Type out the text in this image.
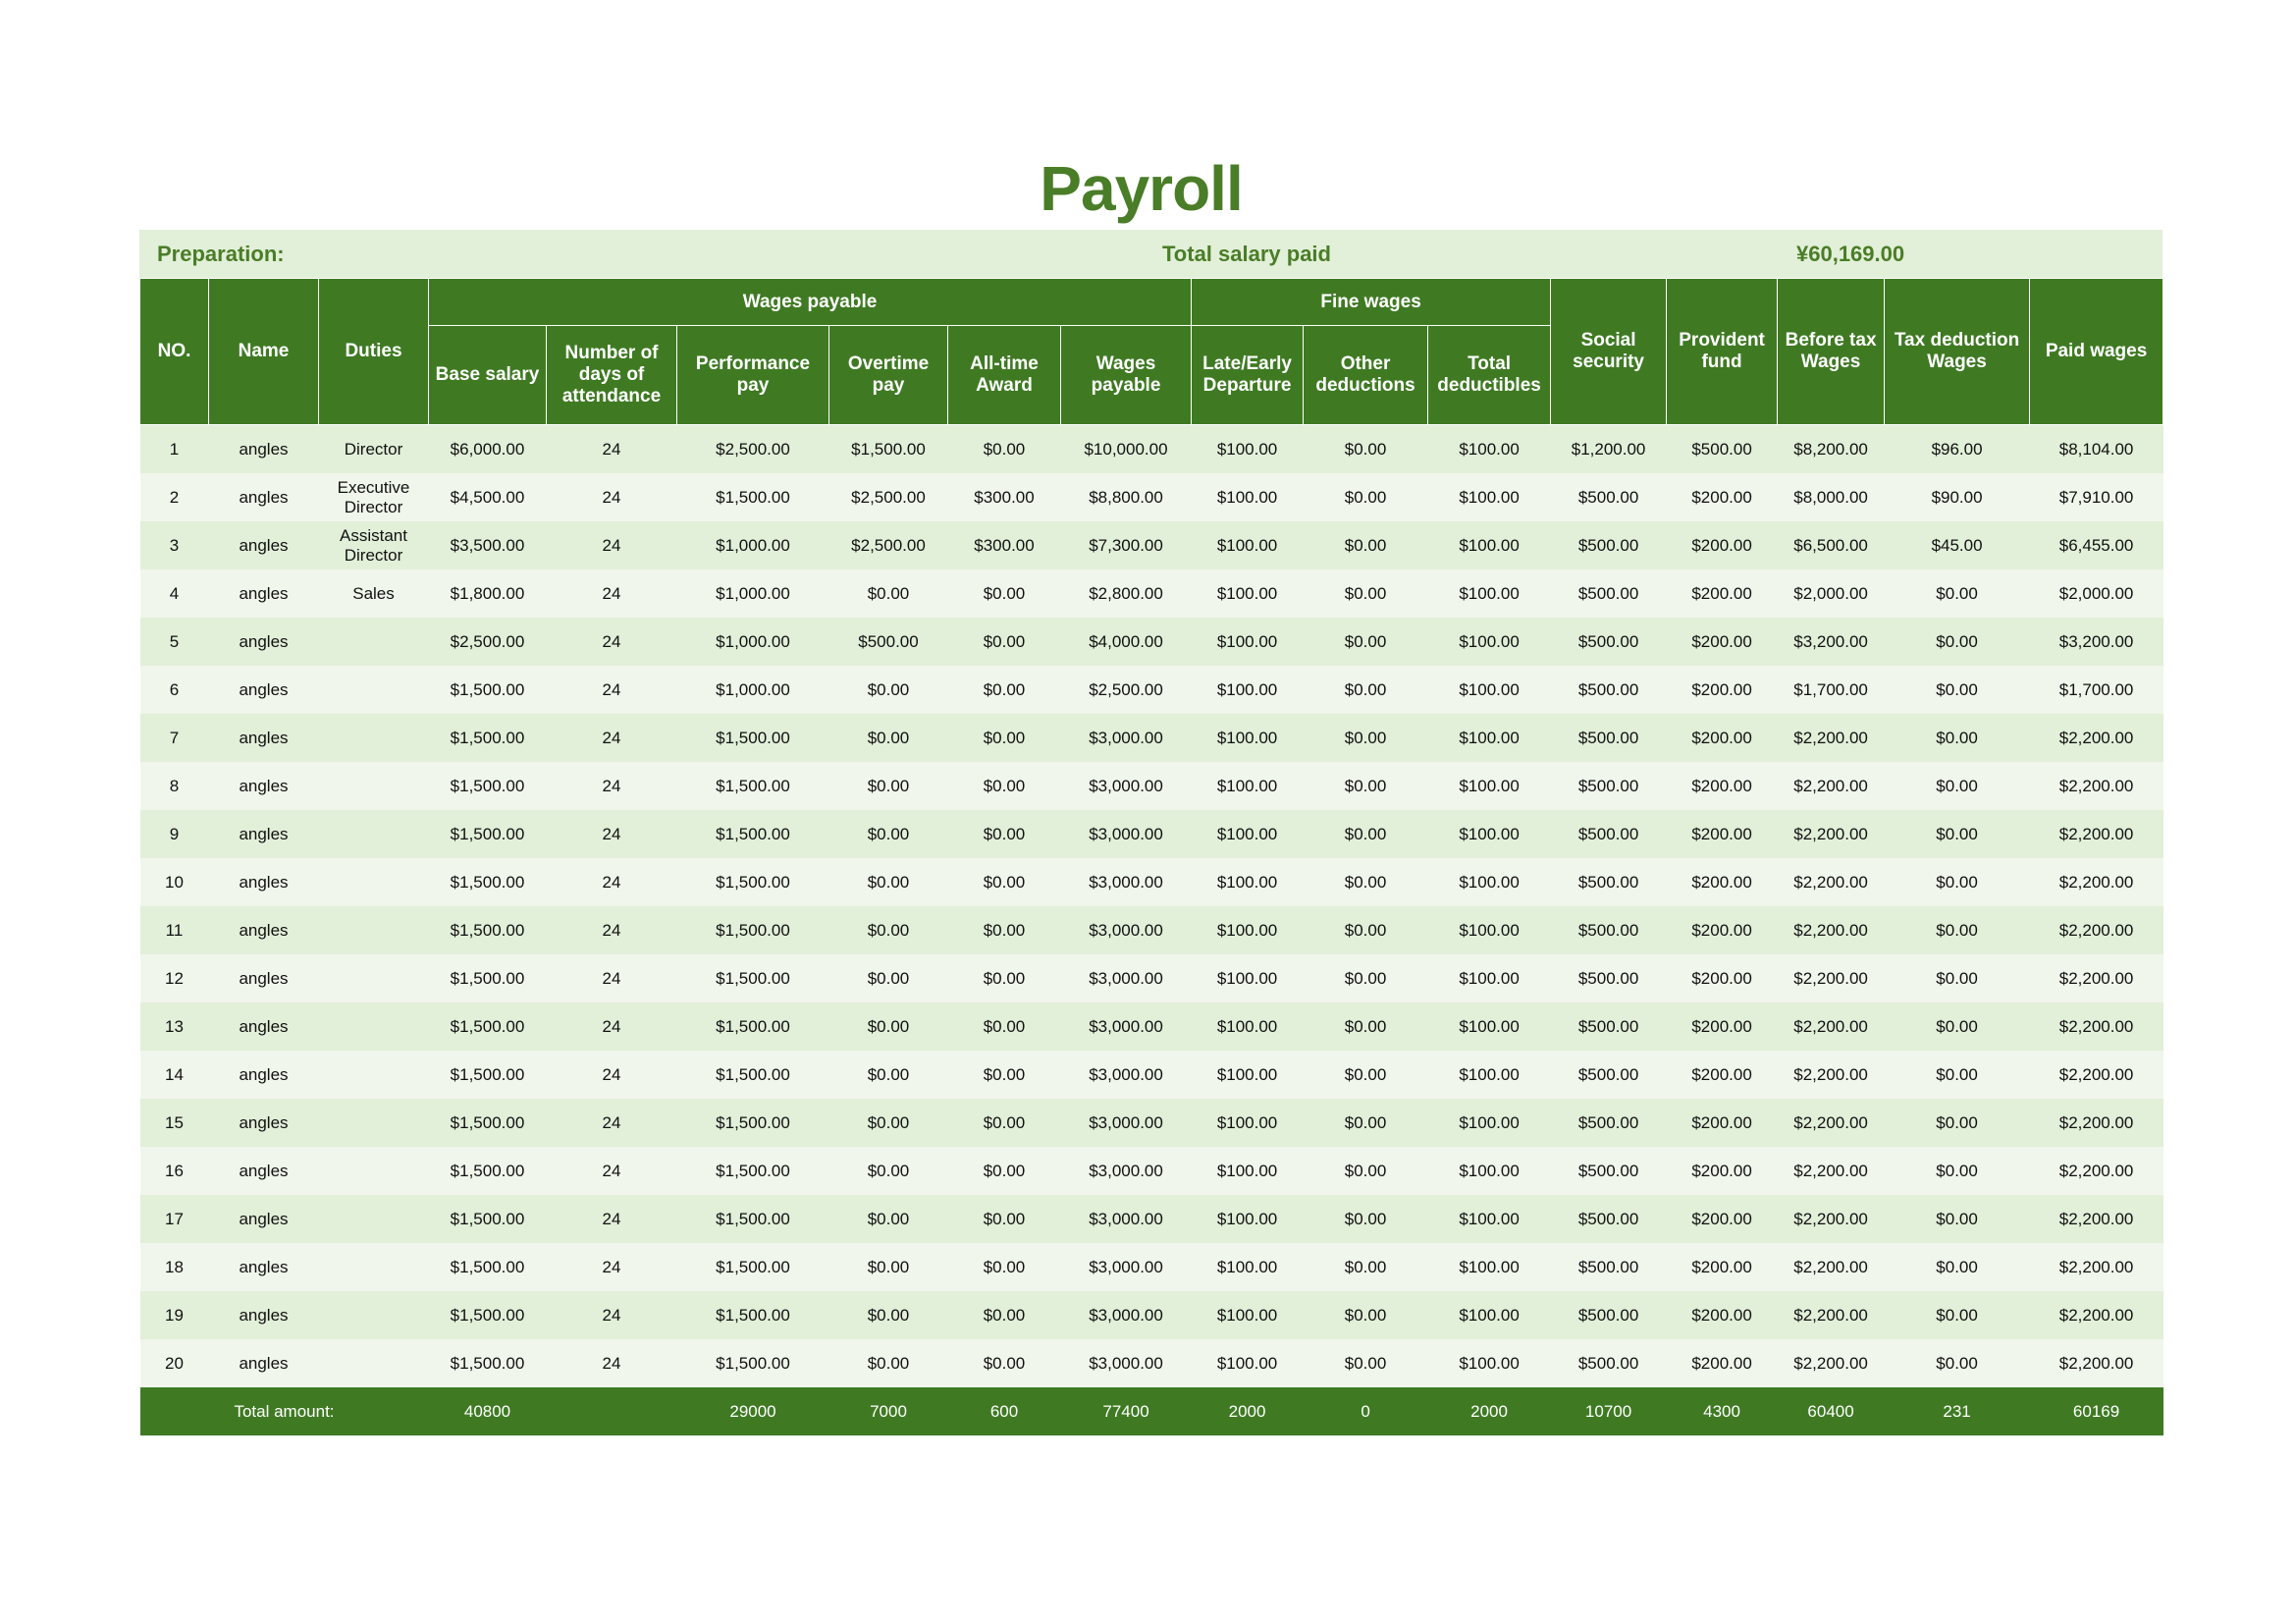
Payroll
Preparation:	Total salary paid	¥60,169.00
NO.	Name	Duties	Wages payable						Fine wages			Social security	Provident fund	Before tax Wages	Tax deduction Wages	Paid wages
			Base salary	Number of days of attendance	Performance pay	Overtime pay	All-time Award	Wages payable	Late/Early Departure	Other deductions	Total deductibles					
1	angles	Director	$6,000.00	24	$2,500.00	$1,500.00	$0.00	$10,000.00	$100.00	$0.00	$100.00	$1,200.00	$500.00	$8,200.00	$96.00	$8,104.00
2	angles	Executive Director	$4,500.00	24	$1,500.00	$2,500.00	$300.00	$8,800.00	$100.00	$0.00	$100.00	$500.00	$200.00	$8,000.00	$90.00	$7,910.00
3	angles	Assistant Director	$3,500.00	24	$1,000.00	$2,500.00	$300.00	$7,300.00	$100.00	$0.00	$100.00	$500.00	$200.00	$6,500.00	$45.00	$6,455.00
4	angles	Sales	$1,800.00	24	$1,000.00	$0.00	$0.00	$2,800.00	$100.00	$0.00	$100.00	$500.00	$200.00	$2,000.00	$0.00	$2,000.00
5	angles		$2,500.00	24	$1,000.00	$500.00	$0.00	$4,000.00	$100.00	$0.00	$100.00	$500.00	$200.00	$3,200.00	$0.00	$3,200.00
6	angles		$1,500.00	24	$1,000.00	$0.00	$0.00	$2,500.00	$100.00	$0.00	$100.00	$500.00	$200.00	$1,700.00	$0.00	$1,700.00
7	angles		$1,500.00	24	$1,500.00	$0.00	$0.00	$3,000.00	$100.00	$0.00	$100.00	$500.00	$200.00	$2,200.00	$0.00	$2,200.00
8	angles		$1,500.00	24	$1,500.00	$0.00	$0.00	$3,000.00	$100.00	$0.00	$100.00	$500.00	$200.00	$2,200.00	$0.00	$2,200.00
9	angles		$1,500.00	24	$1,500.00	$0.00	$0.00	$3,000.00	$100.00	$0.00	$100.00	$500.00	$200.00	$2,200.00	$0.00	$2,200.00
10	angles		$1,500.00	24	$1,500.00	$0.00	$0.00	$3,000.00	$100.00	$0.00	$100.00	$500.00	$200.00	$2,200.00	$0.00	$2,200.00
11	angles		$1,500.00	24	$1,500.00	$0.00	$0.00	$3,000.00	$100.00	$0.00	$100.00	$500.00	$200.00	$2,200.00	$0.00	$2,200.00
12	angles		$1,500.00	24	$1,500.00	$0.00	$0.00	$3,000.00	$100.00	$0.00	$100.00	$500.00	$200.00	$2,200.00	$0.00	$2,200.00
13	angles		$1,500.00	24	$1,500.00	$0.00	$0.00	$3,000.00	$100.00	$0.00	$100.00	$500.00	$200.00	$2,200.00	$0.00	$2,200.00
14	angles		$1,500.00	24	$1,500.00	$0.00	$0.00	$3,000.00	$100.00	$0.00	$100.00	$500.00	$200.00	$2,200.00	$0.00	$2,200.00
15	angles		$1,500.00	24	$1,500.00	$0.00	$0.00	$3,000.00	$100.00	$0.00	$100.00	$500.00	$200.00	$2,200.00	$0.00	$2,200.00
16	angles		$1,500.00	24	$1,500.00	$0.00	$0.00	$3,000.00	$100.00	$0.00	$100.00	$500.00	$200.00	$2,200.00	$0.00	$2,200.00
17	angles		$1,500.00	24	$1,500.00	$0.00	$0.00	$3,000.00	$100.00	$0.00	$100.00	$500.00	$200.00	$2,200.00	$0.00	$2,200.00
18	angles		$1,500.00	24	$1,500.00	$0.00	$0.00	$3,000.00	$100.00	$0.00	$100.00	$500.00	$200.00	$2,200.00	$0.00	$2,200.00
19	angles		$1,500.00	24	$1,500.00	$0.00	$0.00	$3,000.00	$100.00	$0.00	$100.00	$500.00	$200.00	$2,200.00	$0.00	$2,200.00
20	angles		$1,500.00	24	$1,500.00	$0.00	$0.00	$3,000.00	$100.00	$0.00	$100.00	$500.00	$200.00	$2,200.00	$0.00	$2,200.00
Total amount:			40800		29000	7000	600	77400	2000	0	2000	10700	4300	60400	231	60169
